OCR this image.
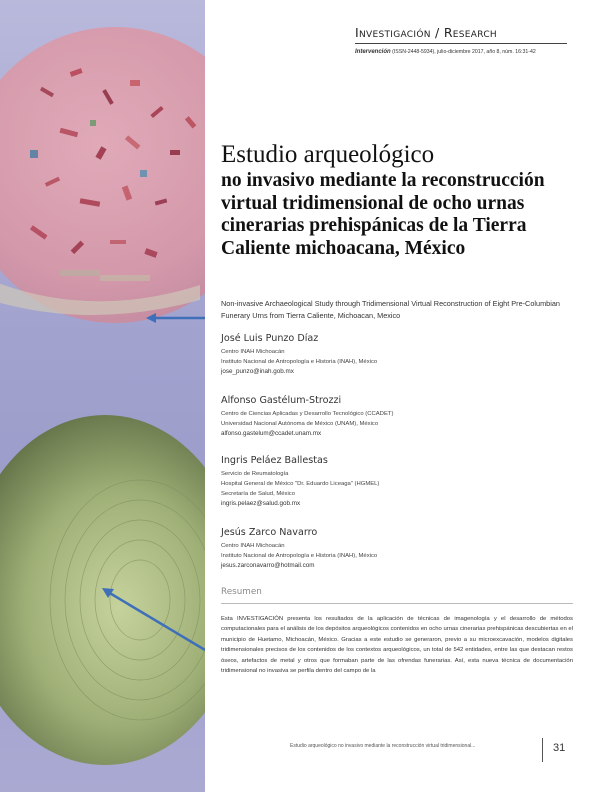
Investigación / Research
Intervención (ISSN-2448-5934), julio-diciembre 2017, año 8, núm. 16:31-42
Estudio arqueológico
no invasivo mediante la reconstrucción virtual tridimensional de ocho urnas cinerarias prehispánicas de la Tierra Caliente michoacana, México

Non-invasive Archaeological Study through Tridimensional Virtual Reconstruction of Eight Pre-Columbian Funerary Urns from Tierra Caliente, Michoacan, Mexico

José Luis Punzo Díaz

Centro INAH Michoacán

Instituto Nacional de Antropología e Historia (INAH), México

jose_punzo@inah.gob.mx

Alfonso Gastélum-Strozzi

Centro de Ciencias Aplicadas y Desarrollo Tecnológico (CCADET)

Universidad Nacional Autónoma de México (UNAM), México

alfonso.gastelum@ccadet.unam.mx

Ingris Peláez Ballestas

Servicio de Reumatología

Hospital General de México "Dr. Eduardo Liceaga" (HGMEL)

Secretaría de Salud, México

ingris.pelaez@salud.gob.mx

Jesús Zarco Navarro

Centro INAH Michoacán

Instituto Nacional de Antropología e Historia (INAH), México

jesus.zarconavarro@hotmail.com

Resumen

Esta INVESTIGACIÓN presenta los resultados de la aplicación de técnicas de imagenología y el desarrollo de métodos computacionales para el análisis de los depósitos arqueológicos contenidos en ocho urnas cinerarias prehispánicas descubiertas en el municipio de Huetamo, Michoacán, México. Gracias a este estudio se generaron, previo a su microexcavación, modelos digitales tridimensionales precisos de los contenidos de los contextos arqueológicos, un total de 542 entidades, entre las que destacan restos óseos, artefactos de metal y otros que formaban parte de las ofrendas funerarias. Así, esta nueva técnica de documentación tridimensional no invasiva se perfila dentro del campo de la

Estudio arqueológico no invasivo mediante la reconstrucción virtual tridimensional...	31
